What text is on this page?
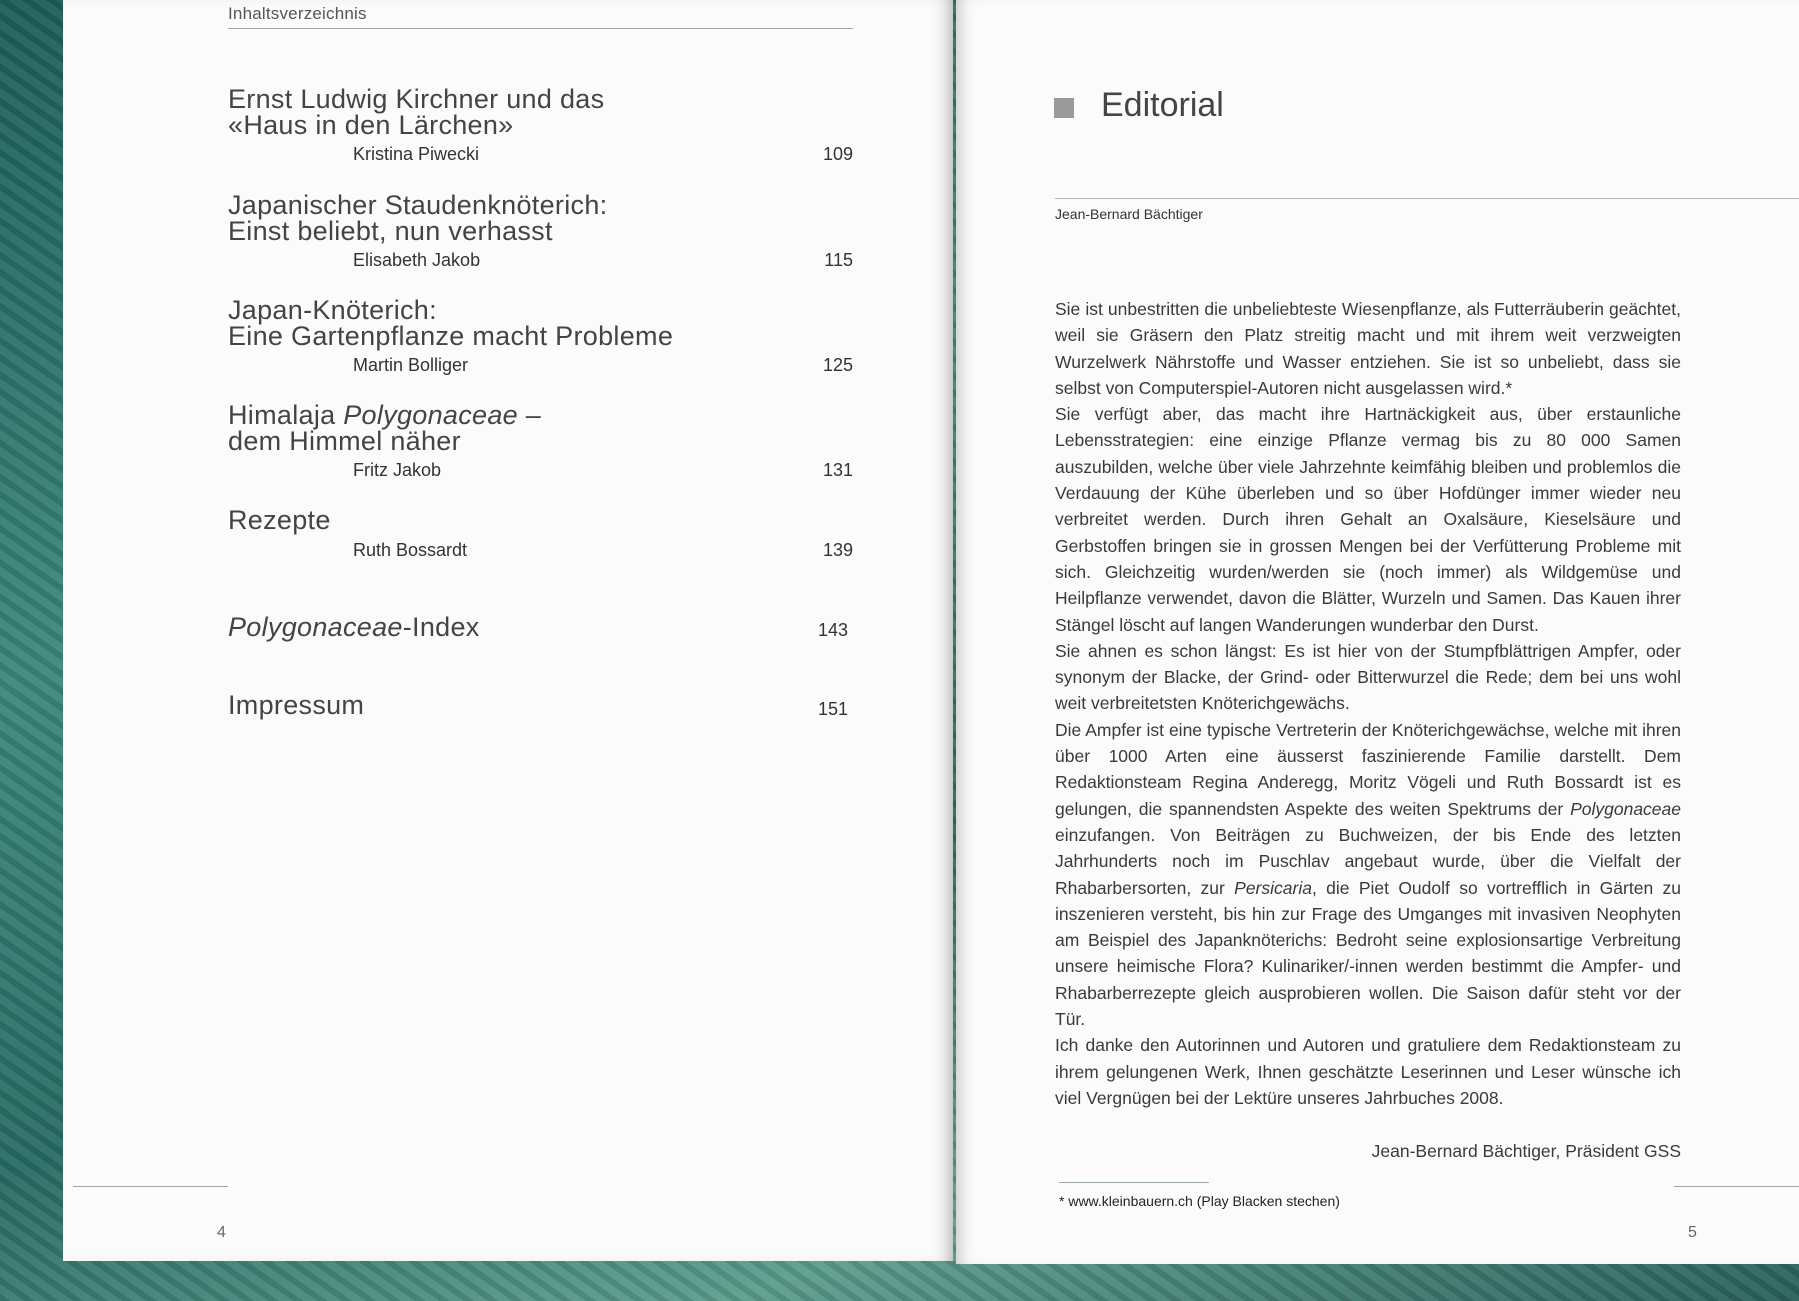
Inhaltsverzeichnis
Ernst Ludwig Kirchner und das
«Haus in den Lärchen»
Kristina Piwecki	109
Japanischer Staudenknöterich:
Einst beliebt, nun verhasst
Elisabeth Jakob	115
Japan-Knöterich:
Eine Gartenpflanze macht Probleme
Martin Bolliger	125
Himalaja Polygonaceae –
dem Himmel näher
Fritz Jakob	131
Rezepte
Ruth Bossardt	139
Polygonaceae-Index	143
Impressum	151
4
Editorial
Jean-Bernard Bächtiger

Sie ist unbestritten die unbeliebteste Wiesenpflanze, als Futterräuberin geächtet, weil sie Gräsern den Platz streitig macht und mit ihrem weit verzweigten Wurzelwerk Nährstoffe und Wasser entziehen. Sie ist so unbeliebt, dass sie selbst von Computerspiel-Autoren nicht ausgelassen wird.*

Sie verfügt aber, das macht ihre Hartnäckigkeit aus, über erstaunliche Lebensstrategien: eine einzige Pflanze vermag bis zu 80 000 Samen auszubilden, welche über viele Jahrzehnte keimfähig bleiben und problemlos die Verdauung der Kühe überleben und so über Hofdünger immer wieder neu verbreitet werden. Durch ihren Gehalt an Oxalsäure, Kieselsäure und Gerbstoffen bringen sie in grossen Mengen bei der Verfütterung Probleme mit sich. Gleichzeitig wurden/werden sie (noch immer) als Wildgemüse und Heilpflanze verwendet, davon die Blätter, Wurzeln und Samen. Das Kauen ihrer Stängel löscht auf langen Wanderungen wunderbar den Durst.

Sie ahnen es schon längst: Es ist hier von der Stumpfblättrigen Ampfer, oder synonym der Blacke, der Grind- oder Bitterwurzel die Rede; dem bei uns wohl weit verbreitetsten Knöterichgewächs.

Die Ampfer ist eine typische Vertreterin der Knöterichgewächse, welche mit ihren über 1000 Arten eine äusserst faszinierende Familie darstellt. Dem Redaktionsteam Regina Anderegg, Moritz Vögeli und Ruth Bossardt ist es gelungen, die spannendsten Aspekte des weiten Spektrums der Polygonaceae einzufangen. Von Beiträgen zu Buchweizen, der bis Ende des letzten Jahrhunderts noch im Puschlav angebaut wurde, über die Vielfalt der Rhabarbersorten, zur Persicaria, die Piet Oudolf so vortrefflich in Gärten zu inszenieren versteht, bis hin zur Frage des Umganges mit invasiven Neophyten am Beispiel des Japanknöterichs: Bedroht seine explosionsartige Verbreitung unsere heimische Flora? Kulinariker/-innen werden bestimmt die Ampfer- und Rhabarberrezepte gleich ausprobieren wollen. Die Saison dafür steht vor der Tür.

Ich danke den Autorinnen und Autoren und gratuliere dem Redaktionsteam zu ihrem gelungenen Werk, Ihnen geschätzte Leserinnen und Leser wünsche ich viel Vergnügen bei der Lektüre unseres Jahrbuches 2008.

Jean-Bernard Bächtiger, Präsident GSS
* www.kleinbauern.ch (Play Blacken stechen)
5
